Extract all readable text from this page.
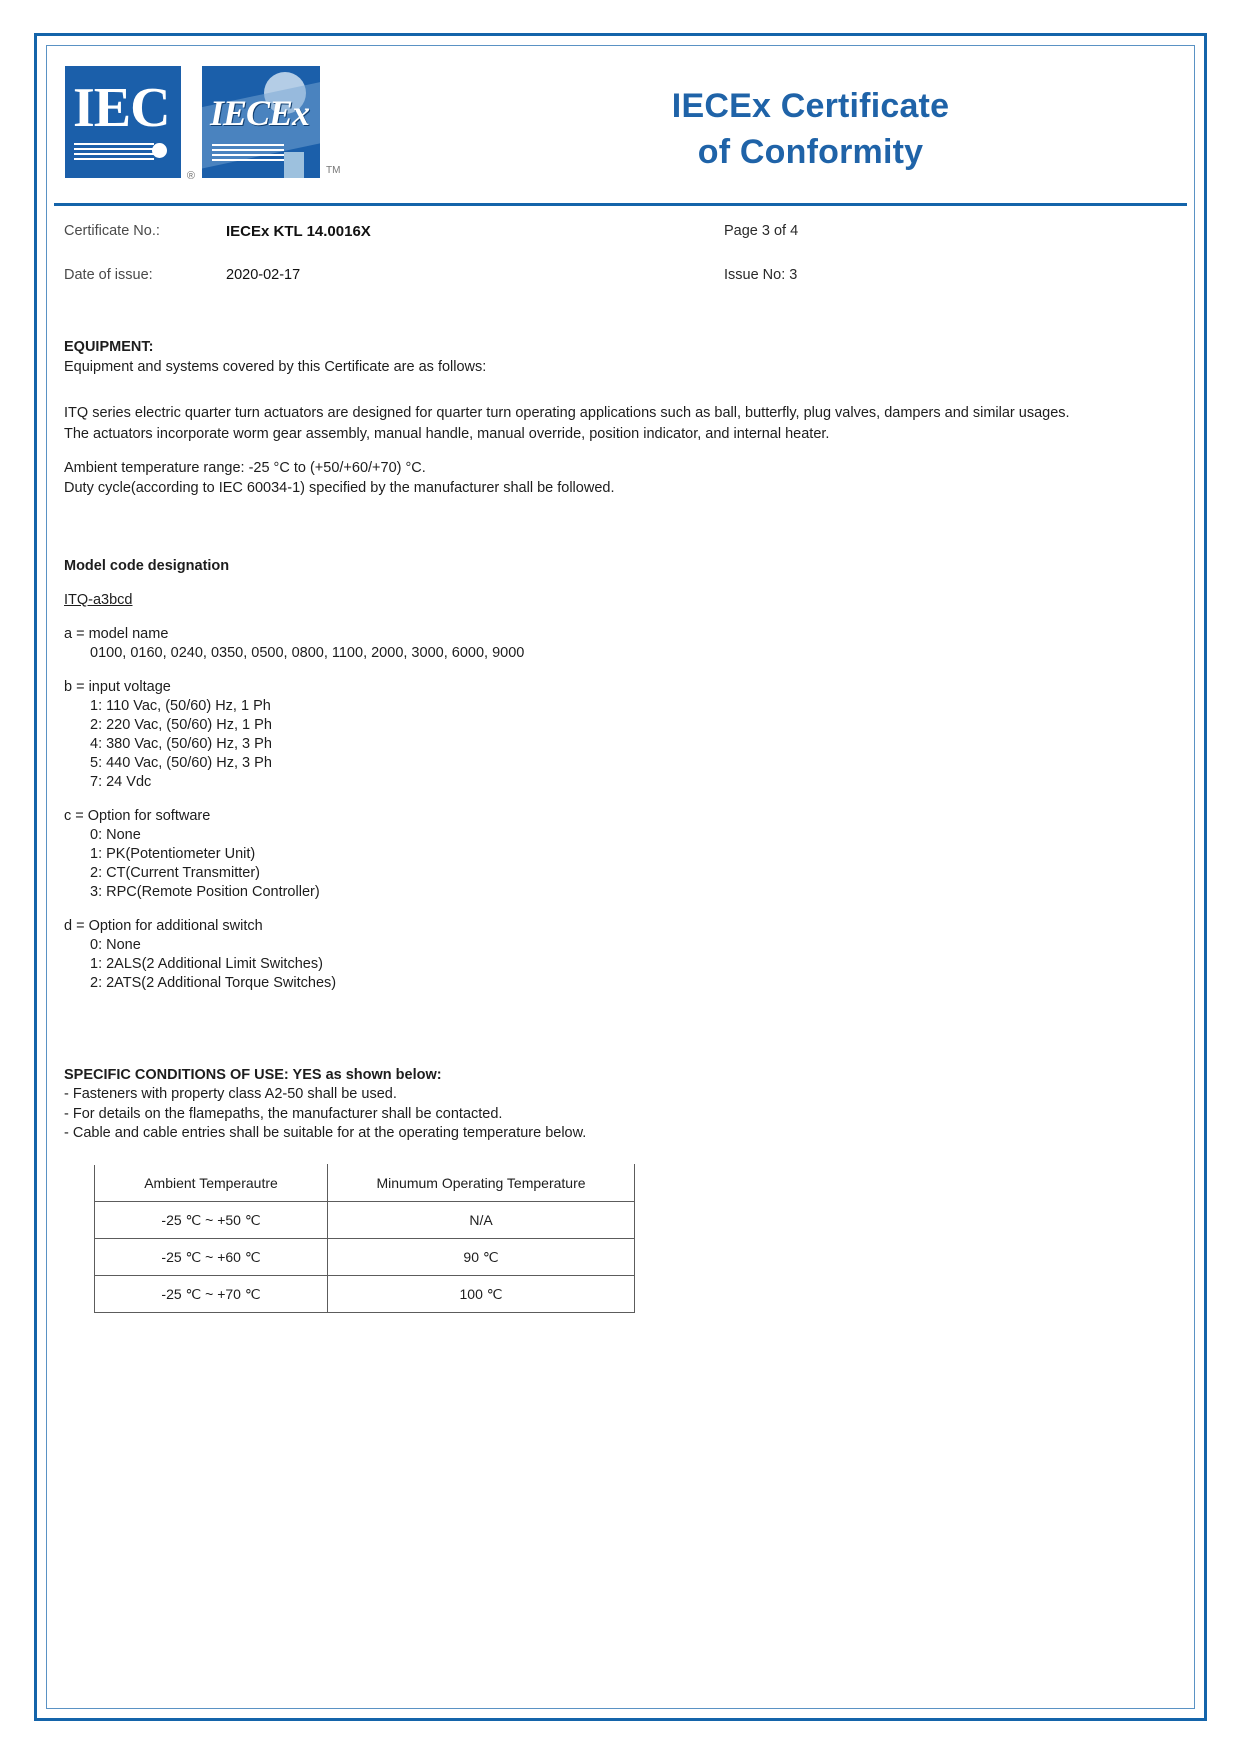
IEC
®
IECEx
TM
IECEx Certificate
of Conformity
Certificate No.:	IECEx KTL 14.0016X	Page 3 of 4
Date of issue:	2020-02-17	Issue No: 3

EQUIPMENT:

Equipment and systems covered by this Certificate are as follows:

ITQ series electric quarter turn actuators are designed for quarter turn operating applications such as ball, butterfly, plug valves, dampers and similar usages. The actuators incorporate worm gear assembly, manual handle, manual override, position indicator, and internal heater.

Ambient temperature range: -25 °C to (+50/+60/+70) °C.

Duty cycle(according to IEC 60034-1) specified by the manufacturer shall be followed.

Model code designation

ITQ-a3bcd

a = model name
0100, 0160, 0240, 0350, 0500, 0800, 1100, 2000, 3000, 6000, 9000
b = input voltage
1: 110 Vac, (50/60) Hz, 1 Ph
2: 220 Vac, (50/60) Hz, 1 Ph
4: 380 Vac, (50/60) Hz, 3 Ph
5: 440 Vac, (50/60) Hz, 3 Ph
7: 24 Vdc
c = Option for software
0: None
1: PK(Potentiometer Unit)
2: CT(Current Transmitter)
3: RPC(Remote Position Controller)
d = Option for additional switch
0: None
1: 2ALS(2 Additional Limit Switches)
2: 2ATS(2 Additional Torque Switches)

SPECIFIC CONDITIONS OF USE: YES as shown below:

- Fasteners with property class A2-50 shall be used.
- For details on the flamepaths, the manufacturer shall be contacted.
- Cable and cable entries shall be suitable for at the operating temperature below.
Ambient Temperautre	Minumum Operating Temperature
-25 ℃ ~ +50 ℃	N/A
-25 ℃ ~ +60 ℃	90 ℃
-25 ℃ ~ +70 ℃	100 ℃
